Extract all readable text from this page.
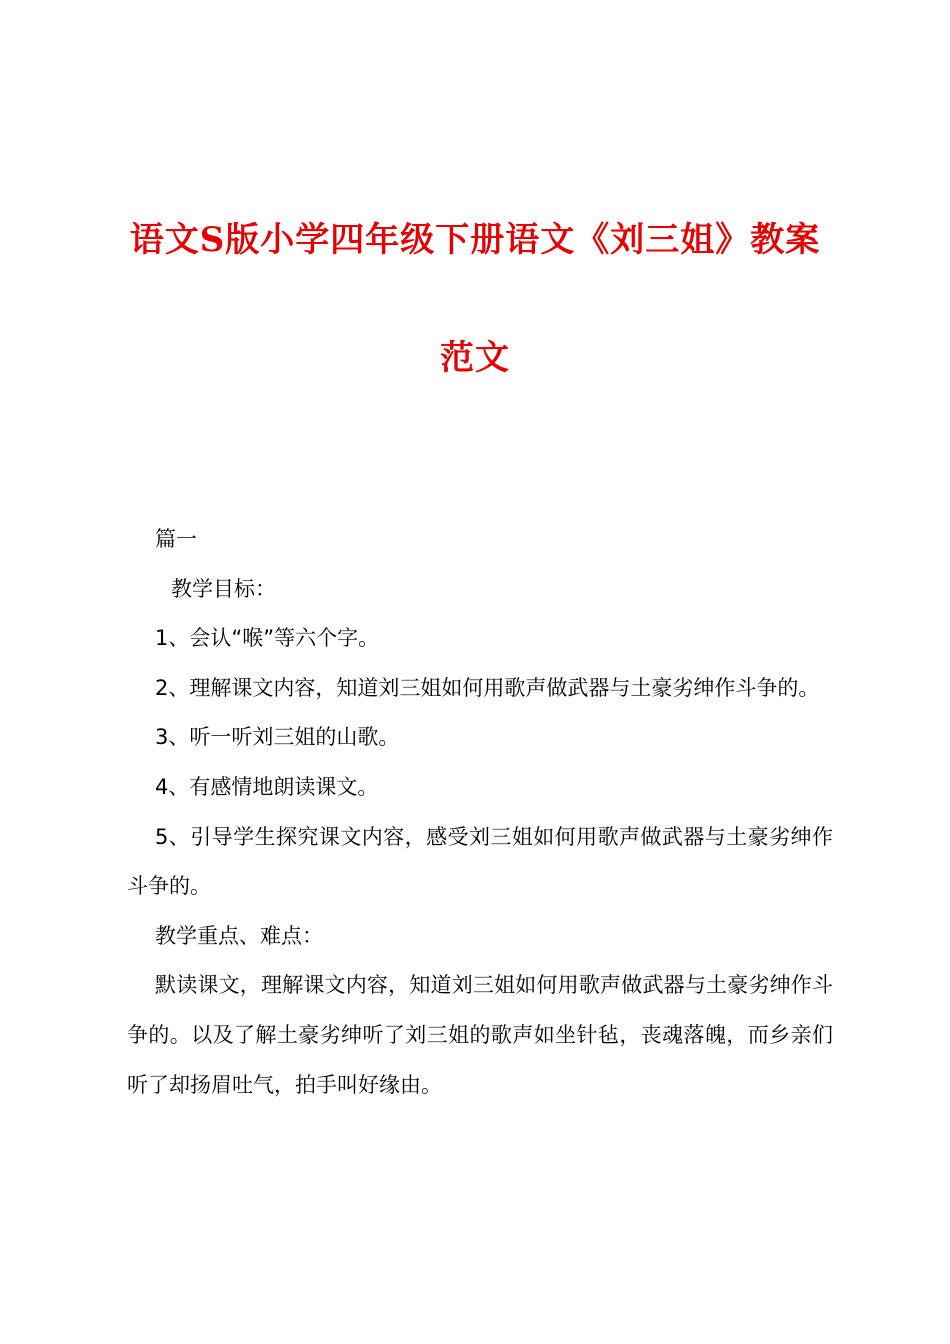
语文S版小学四年级下册语文《刘三姐》教案
范文

篇一

教学目标：

1、会认“喉”等六个字。

2、理解课文内容，知道刘三姐如何用歌声做武器与土豪劣绅作斗争的。

3、听一听刘三姐的山歌。

4、有感情地朗读课文。

5、引导学生探究课文内容，感受刘三姐如何用歌声做武器与土豪劣绅作斗争的。

教学重点、难点：

默读课文，理解课文内容，知道刘三姐如何用歌声做武器与土豪劣绅作斗争的。以及了解土豪劣绅听了刘三姐的歌声如坐针毡，丧魂落魄，而乡亲们听了却扬眉吐气，拍手叫好缘由。
